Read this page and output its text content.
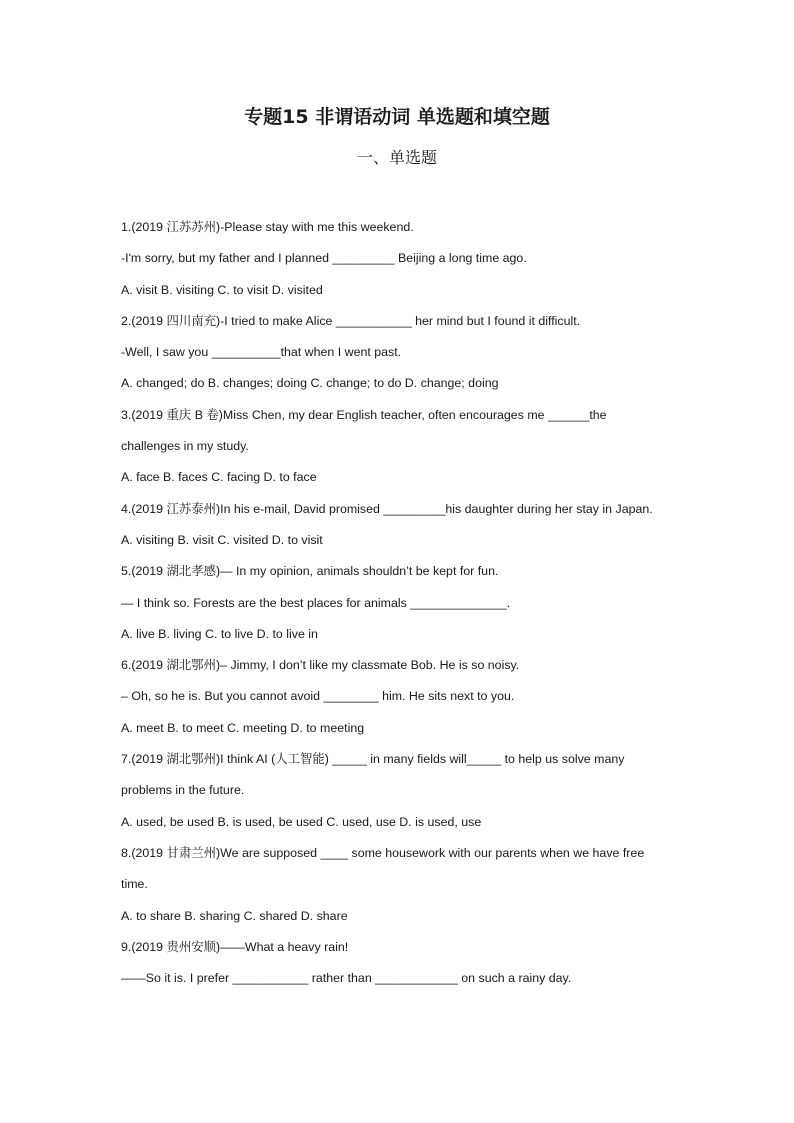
专题15 非谓语动词 单选题和填空题
一、单选题
1.(2019 江苏苏州)-Please stay with me this weekend.
-I'm sorry, but my father and I planned _________ Beijing a long time ago.
A. visit B. visiting C. to visit D. visited
2.(2019 四川南充)-I tried to make Alice ___________ her mind but I found it difficult.
-Well, I saw you __________that when I went past.
A. changed; do B. changes; doing C. change; to do D. change; doing
3.(2019 重庆 B 卷)Miss Chen, my dear English teacher, often encourages me ______the
challenges in my study.
A. face B. faces C. facing D. to face
4.(2019 江苏泰州)In his e-mail, David promised _________his daughter during her stay in Japan.
A. visiting B. visit C. visited D. to visit
5.(2019 湖北孝感)— In my opinion, animals shouldn’t be kept for fun.
— I think so. Forests are the best places for animals ______________.
A. live B. living C. to live D. to live in
6.(2019 湖北鄂州)– Jimmy, I don’t like my classmate Bob. He is so noisy.
– Oh, so he is. But you cannot avoid ________ him. He sits next to you.
A. meet B. to meet C. meeting D. to meeting
7.(2019 湖北鄂州)I think AI (人工智能) _____ in many fields will_____ to help us solve many
problems in the future.
A. used, be used B. is used, be used C. used, use D. is used, use
8.(2019 甘肃兰州)We are supposed ____ some housework with our parents when we have free
time.
A. to share B. sharing C. shared D. share
9.(2019 贵州安顺)——What a heavy rain!
——So it is. I prefer ___________ rather than ____________ on such a rainy day.
